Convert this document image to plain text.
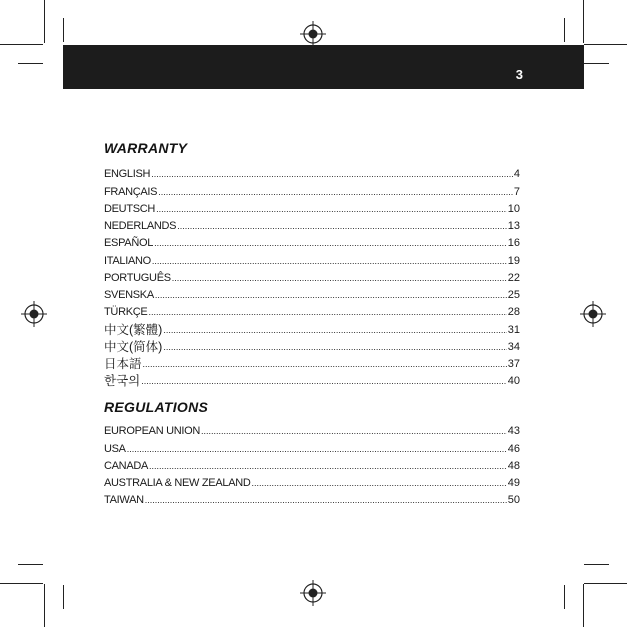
3
WARRANTY
ENGLISH .....	4
FRANÇAIS .....	7
DEUTSCH .....	10
NEDERLANDS .....	13
ESPAÑOL .....	16
ITALIANO .....	19
PORTUGUÊS .....	22
SVENSKA .....	25
TÜRKÇE .....	28
中文(繁體) .....	31
中文(简体) .....	34
日本語 .....	37
한국의 .....	40
REGULATIONS
EUROPEAN UNION .....	43
USA .....	46
CANADA .....	48
AUSTRALIA & NEW ZEALAND .....	49
TAIWAN .....	50
